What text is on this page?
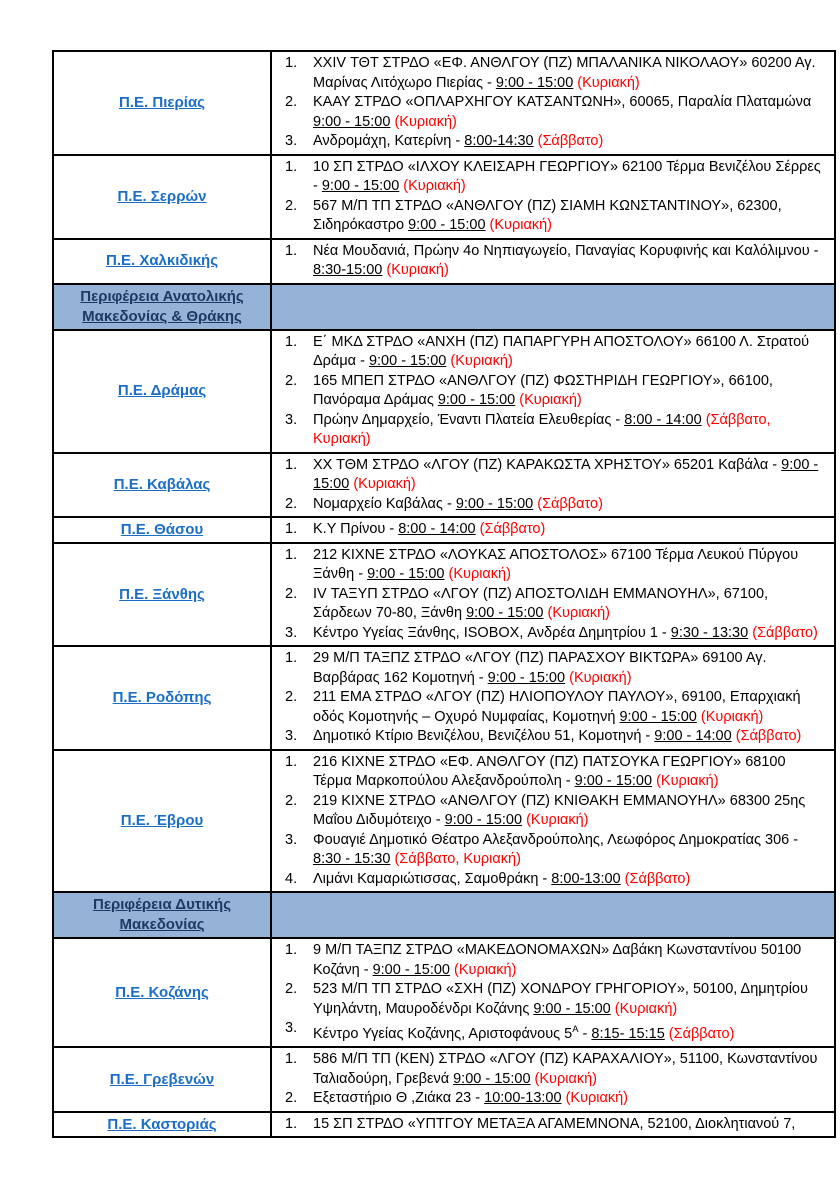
Π.Ε. Πιερίας	
1.	XXIV ΤΘΤ ΣΤΡΔΟ «ΕΦ. ΑΝΘΛΓΟΥ (ΠΖ) ΜΠΑΛΑΝΙΚΑ ΝΙΚΟΛΑΟΥ» 60200 Αγ. Μαρίνας Λιτόχωρο Πιερίας - 9:00 - 15:00 (Κυριακή)
2.	ΚΑΑΥ ΣΤΡΔΟ «ΟΠΛΑΡΧΗΓΟΥ ΚΑΤΣΑΝΤΩΝΗ», 60065, Παραλία Πλαταμώνα 9:00 - 15:00 (Κυριακή)
3.	Ανδρομάχη, Κατερίνη - 8:00-14:30 (Σάββατο)

Π.Ε. Σερρών	1. 10 ΣΠ ΣΤΡΔΟ «ΙΛΧΟΥ ΚΛΕΙΣΑΡΗ ΓΕΩΡΓΙΟΥ» 62100 Τέρμα Βενιζέλου Σέρρες - 9:00 - 15:00 (Κυριακή)
2. 567 Μ/Π ΤΠ ΣΤΡΔΟ «ΑΝΘΛΓΟΥ (ΠΖ) ΣΙΑΜΗ ΚΩΝΣΤΑΝΤΙΝΟΥ», 62300, Σιδηρόκαστρο 9:00 - 15:00 (Κυριακή)

Π.Ε. Χαλκιδικής	1. Νέα Μουδανιά, Πρώην 4ο Νηπιαγωγείο, Παναγίας Κορυφινής και Καλόλιμνου - 8:30-15:00 (Κυριακή)

Περιφέρεια Ανατολικής Μακεδονίας & Θράκης	

Π.Ε. Δράμας	
1.	Ε΄ ΜΚΔ ΣΤΡΔΟ «ΑΝΧΗ (ΠΖ) ΠΑΠΑΡΓΥΡΗ ΑΠΟΣΤΟΛΟΥ» 66100 Λ. Στρατού Δράμα - 9:00 - 15:00 (Κυριακή)
2.	165 ΜΠΕΠ ΣΤΡΔΟ «ΑΝΘΛΓΟΥ (ΠΖ) ΦΩΣΤΗΡΙΔΗ ΓΕΩΡΓΙΟΥ», 66100, Πανόραμα Δράμας 9:00 - 15:00 (Κυριακή)
3.	Πρώην Δημαρχείο, Έναντι Πλατεία Ελευθερίας - 8:00 - 14:00 (Σάββατο, Κυριακή)

Π.Ε. Καβάλας	1. ΧΧ ΤΘΜ ΣΤΡΔΟ «ΛΓΟΥ (ΠΖ) ΚΑΡΑΚΩΣΤΑ ΧΡΗΣΤΟΥ» 65201 Καβάλα - 9:00 - 15:00 (Κυριακή)
2. Νομαρχείο Καβάλας - 9:00 - 15:00 (Σάββατο)

Π.Ε. Θάσου	1. Κ.Υ Πρίνου - 8:00 - 14:00 (Σάββατο)

Π.Ε. Ξάνθης	
1.	212 ΚΙΧΝΕ ΣΤΡΔΟ «ΛΟΥΚΑΣ ΑΠΟΣΤΟΛΟΣ» 67100 Τέρμα Λευκού Πύργου Ξάνθη - 9:00 - 15:00 (Κυριακή)
2.	IV ΤΑΞΥΠ ΣΤΡΔΟ «ΛΓΟΥ (ΠΖ) ΑΠΟΣΤΟΛΙΔΗ ΕΜΜΑΝΟΥΗΛ», 67100, Σάρδεων 70-80, Ξάνθη 9:00 - 15:00 (Κυριακή)
3.	Κέντρο Υγείας Ξάνθης, ISOBOX, Ανδρέα Δημητρίου 1 - 9:30 - 13:30 (Σάββατο)

Π.Ε. Ροδόπης	
1.	29 Μ/Π ΤΑΞΠΖ ΣΤΡΔΟ «ΛΓΟΥ (ΠΖ) ΠΑΡΑΣΧΟΥ ΒΙΚΤΩΡΑ» 69100 Αγ. Βαρβάρας 162 Κομοτηνή - 9:00 - 15:00 (Κυριακή)
2.	211 ΕΜΑ ΣΤΡΔΟ «ΛΓΟΥ (ΠΖ) ΗΛΙΟΠΟΥΛΟΥ ΠΑΥΛΟΥ», 69100, Επαρχιακή οδός Κομοτηνής – Οχυρό Νυμφαίας, Κομοτηνή 9:00 - 15:00 (Κυριακή)
3.	Δημοτικό Κτίριο Βενιζέλου, Βενιζέλου 51, Κομοτηνή - 9:00 - 14:00 (Σάββατο)

Π.Ε. Έβρου	
1.	216 ΚΙΧΝΕ ΣΤΡΔΟ «ΕΦ. ΑΝΘΛΓΟΥ (ΠΖ) ΠΑΤΣΟΥΚΑ ΓΕΩΡΓΙΟΥ» 68100 Τέρμα Μαρκοπούλου Αλεξανδρούπολη - 9:00 - 15:00 (Κυριακή)
2.	219 ΚΙΧΝΕ ΣΤΡΔΟ «ΑΝΘΛΓΟΥ (ΠΖ) ΚΝΙΘΑΚΗ ΕΜΜΑΝΟΥΗΛ» 68300 25ης Μαΐου Διδυμότειχο - 9:00 - 15:00 (Κυριακή)
3.	Φουαγιέ Δημοτικό Θέατρο Αλεξανδρούπολης, Λεωφόρος Δημοκρατίας 306 - 8:30 - 15:30 (Σάββατο, Κυριακή)
4.	Λιμάνι Καμαριώτισσας, Σαμοθράκη - 8:00-13:00 (Σάββατο)

Περιφέρεια Δυτικής Μακεδονίας	

Π.Ε. Κοζάνης	
1.	9 Μ/Π ΤΑΞΠΖ ΣΤΡΔΟ «ΜΑΚΕΔΟΝΟΜΑΧΩΝ» Δαβάκη Κωνσταντίνου 50100 Κοζάνη - 9:00 - 15:00 (Κυριακή)
2.	523 Μ/Π ΤΠ ΣΤΡΔΟ «ΣΧΗ (ΠΖ) ΧΟΝΔΡΟΥ ΓΡΗΓΟΡΙΟΥ», 50100, Δημητρίου Υψηλάντη, Μαυροδένδρι Κοζάνης 9:00 - 15:00 (Κυριακή)
3.	Κέντρο Υγείας Κοζάνης, Αριστοφάνους $5^A$ - 8:15- 15:15 (Σάββατο)

Π.Ε. Γρεβενών	1. 586 Μ/Π ΤΠ (ΚΕΝ) ΣΤΡΔΟ «ΛΓΟΥ (ΠΖ) ΚΑΡΑΧΑΛΙΟΥ», 51100, Κωνσταντίνου Ταλιαδούρη, Γρεβενά 9:00 - 15:00 (Κυριακή)
2. Εξεταστήριο Θ ,Ζιάκα 23 - 10:00-13:00 (Κυριακή)

Π.Ε. Καστοριάς	1. 15 ΣΠ ΣΤΡΔΟ «ΥΠΤΓΟΥ ΜΕΤΑΞΑ ΑΓΑΜΕΜΝΟΝΑ, 52100, Διοκλητιανού 7,
